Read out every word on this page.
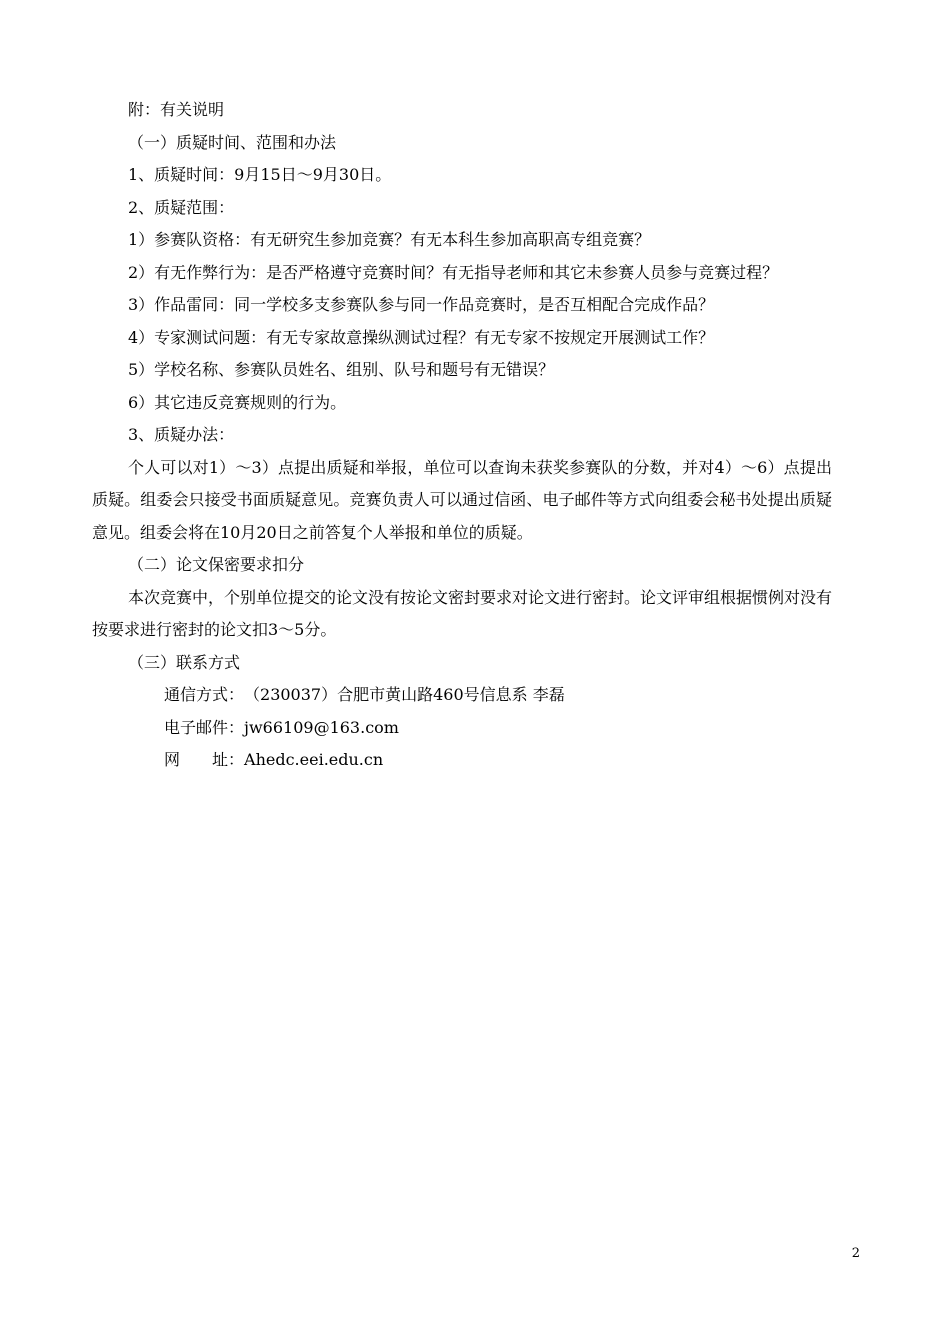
附：有关说明

（一）质疑时间、范围和办法

1、质疑时间：9月15日～9月30日。

2、质疑范围：

1）参赛队资格：有无研究生参加竞赛？有无本科生参加高职高专组竞赛？

2）有无作弊行为：是否严格遵守竞赛时间？有无指导老师和其它未参赛人员参与竞赛过程？

3）作品雷同：同一学校多支参赛队参与同一作品竞赛时，是否互相配合完成作品？

4）专家测试问题：有无专家故意操纵测试过程？有无专家不按规定开展测试工作？

5）学校名称、参赛队员姓名、组别、队号和题号有无错误？

6）其它违反竞赛规则的行为。

3、质疑办法：

个人可以对1）～3）点提出质疑和举报，单位可以查询未获奖参赛队的分数，并对4）～6）点提出质疑。组委会只接受书面质疑意见。竞赛负责人可以通过信函、电子邮件等方式向组委会秘书处提出质疑意见。组委会将在10月20日之前答复个人举报和单位的质疑。

（二）论文保密要求扣分

本次竞赛中，个别单位提交的论文没有按论文密封要求对论文进行密封。论文评审组根据惯例对没有按要求进行密封的论文扣3～5分。

（三）联系方式

通信方式：（230037）合肥市黄山路460号信息系 李磊

电子邮件：jw66109@163.com

网　　址：Ahedc.eei.edu.cn

2
